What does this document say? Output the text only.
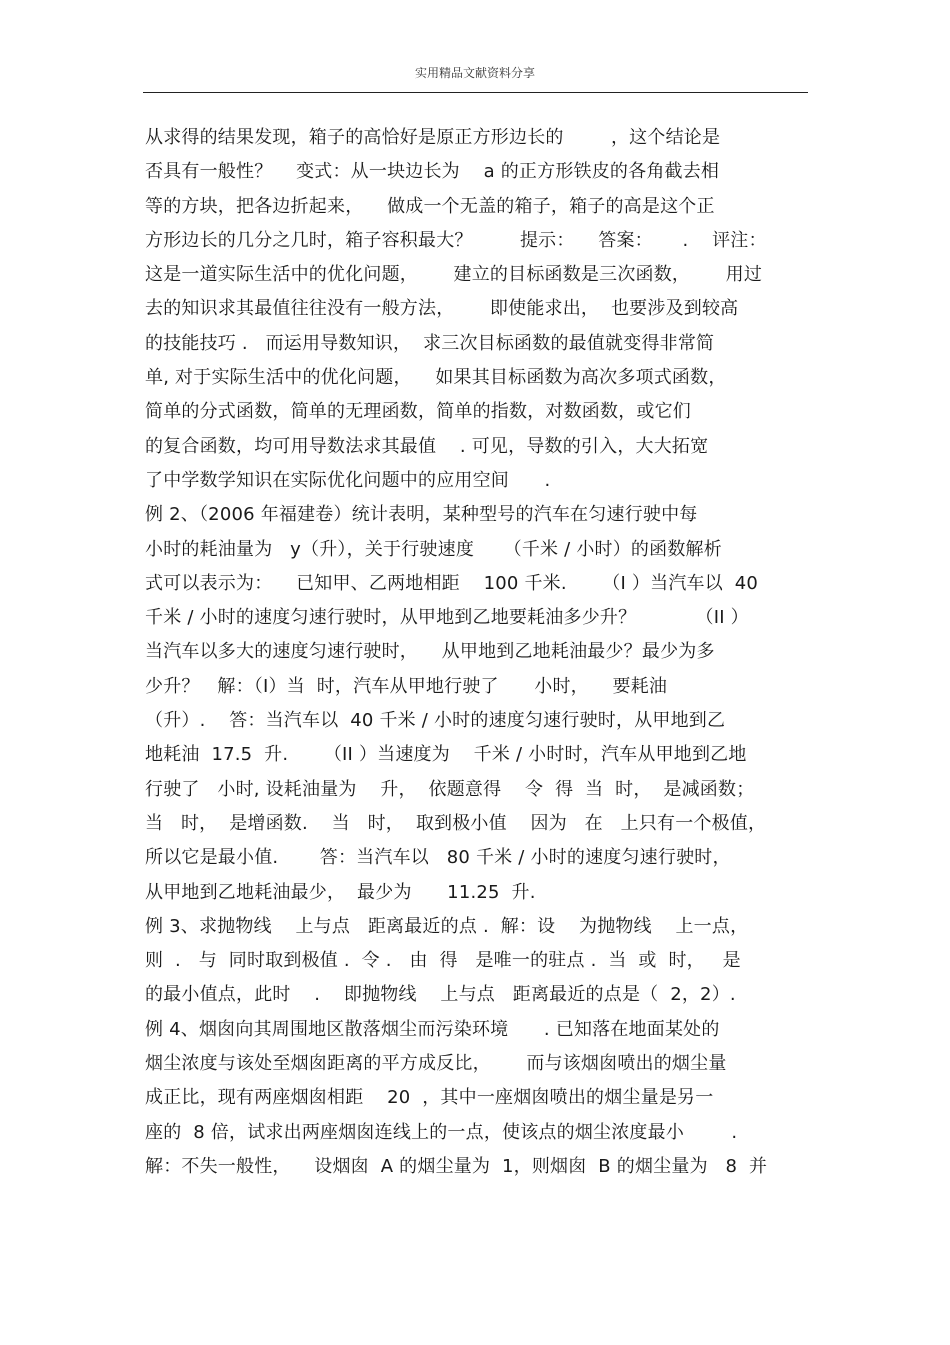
实用精品文献资料分享
从求得的结果发现，箱子的高恰好是原正方形边长的        ，这个结论是
否具有一般性？    变式：从一块边长为    a 的正方形铁皮的各角截去相
等的方块，把各边折起来，    做成一个无盖的箱子，箱子的高是这个正
方形边长的几分之几时，箱子容积最大？        提示：    答案：     .    评注：
这是一道实际生活中的优化问题，      建立的目标函数是三次函数，      用过
去的知识求其最值往往没有一般方法，      即使能求出，  也要涉及到较高
的技能技巧 .   而运用导数知识，  求三次目标函数的最值就变得非常简
单, 对于实际生活中的优化问题，    如果其目标函数为高次多项式函数，
简单的分式函数，简单的无理函数，简单的指数，对数函数，或它们
的复合函数，均可用导数法求其最值    . 可见，导数的引入，大大拓宽
了中学数学知识在实际优化问题中的应用空间      .
例 2、（2006 年福建卷）统计表明，某种型号的汽车在匀速行驶中每
小时的耗油量为   y（升），关于行驶速度     （千米 / 小时）的函数解析
式可以表示为：    已知甲、乙两地相距    100 千米.      （I ）当汽车以  40
千米 / 小时的速度匀速行驶时，从甲地到乙地要耗油多少升？          （II ）
当汽车以多大的速度匀速行驶时，    从甲地到乙地耗油最少？最少为多
少升？   解：（I）当  时，汽车从甲地行驶了      小时，    要耗油
（升）.    答：当汽车以  40 千米 / 小时的速度匀速行驶时，从甲地到乙
地耗油  17.5  升.      （II ）当速度为    千米 / 小时时，汽车从甲地到乙地
行驶了   小时, 设耗油量为    升，  依题意得    令  得  当  时，  是减函数；
当   时，  是增函数.    当   时，  取到极小值    因为   在   上只有一个极值，
所以它是最小值.       答：当汽车以   80 千米 / 小时的速度匀速行驶时，
从甲地到乙地耗油最少，  最少为      11.25  升.
例 3、求抛物线    上与点   距离最近的点 .  解：设    为抛物线    上一点，
则  .   与  同时取到极值 .  令 .   由  得   是唯一的驻点 .  当  或  时，   是
的最小值点，此时    .    即抛物线    上与点   距离最近的点是（  2，2）.
例 4、烟囱向其周围地区散落烟尘而污染环境      . 已知落在地面某处的
烟尘浓度与该处至烟囱距离的平方成反比，      而与该烟囱喷出的烟尘量
成正比，现有两座烟囱相距    20  ，其中一座烟囱喷出的烟尘量是另一
座的  8 倍，试求出两座烟囱连线上的一点，使该点的烟尘浓度最小        .
解：不失一般性，    设烟囱  A 的烟尘量为  1，则烟囱  B 的烟尘量为   8  并
